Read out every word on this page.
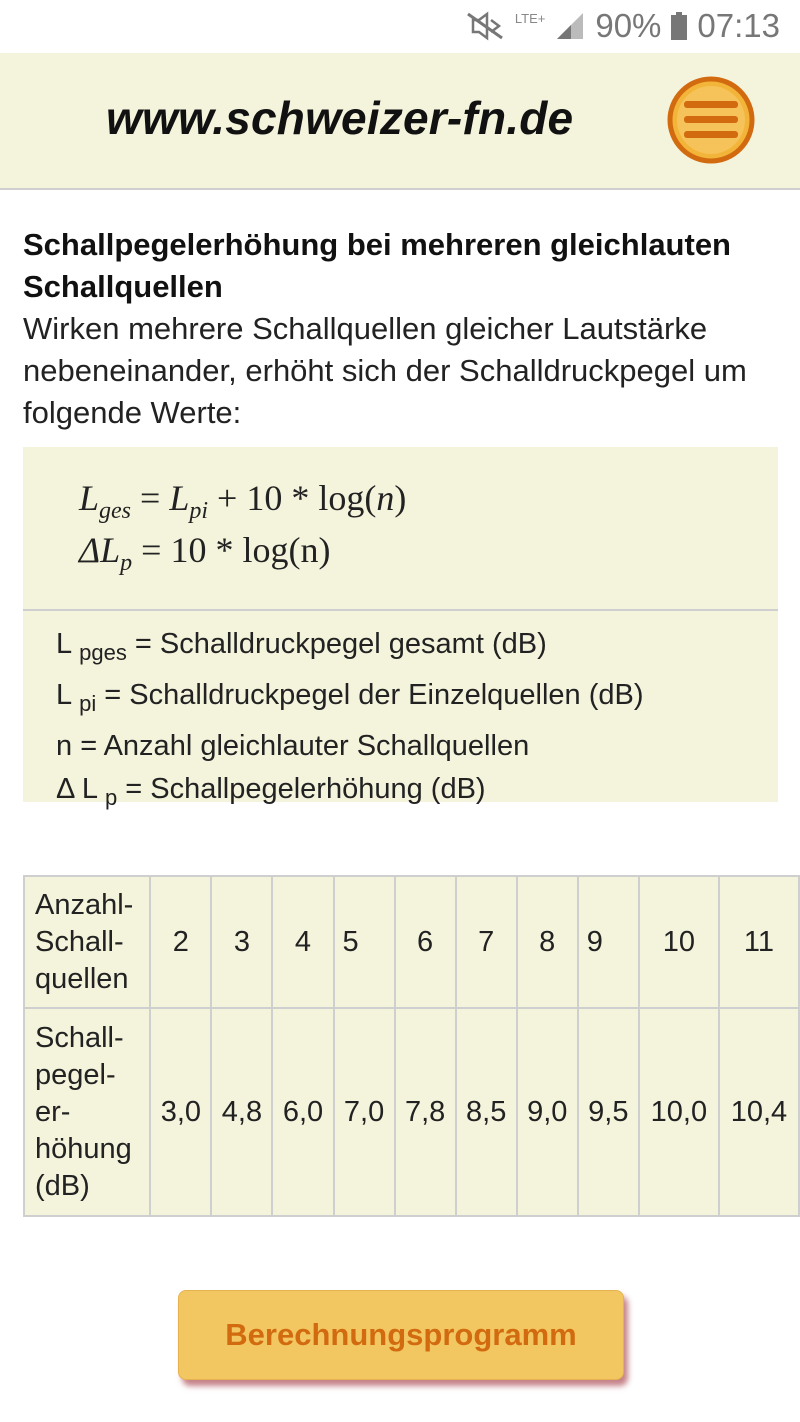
LTE+ 90% 07:13
www.schweizer-fn.de
Schallpegelerhöhung bei mehreren gleichlauten Schallquellen

Wirken mehrere Schallquellen gleicher Lautstärke nebeneinander, erhöht sich der Schalldruckpegel um folgende Werte:

$L_{ges} = L_{pi} + 10 * \log(n)$
$\Delta L_p = 10 * \log(n)$
L $_{pges}$ = Schalldruckpegel gesamt (dB)
L $_{pi}$ = Schalldruckpegel der Einzelquellen (dB)
n = Anzahl gleichlauter Schallquellen
Δ L $_p$ = Schallpegelerhöhung (dB)
Anzahl-
Schall-
quellen	2	3	4	5	6	7	8	9	10	11
Schall-
pegel-
er-
höhung
(dB)	3,0	4,8	6,0	7,0	7,8	8,5	9,0	9,5	10,0	10,4
Berechnungsprogramm
